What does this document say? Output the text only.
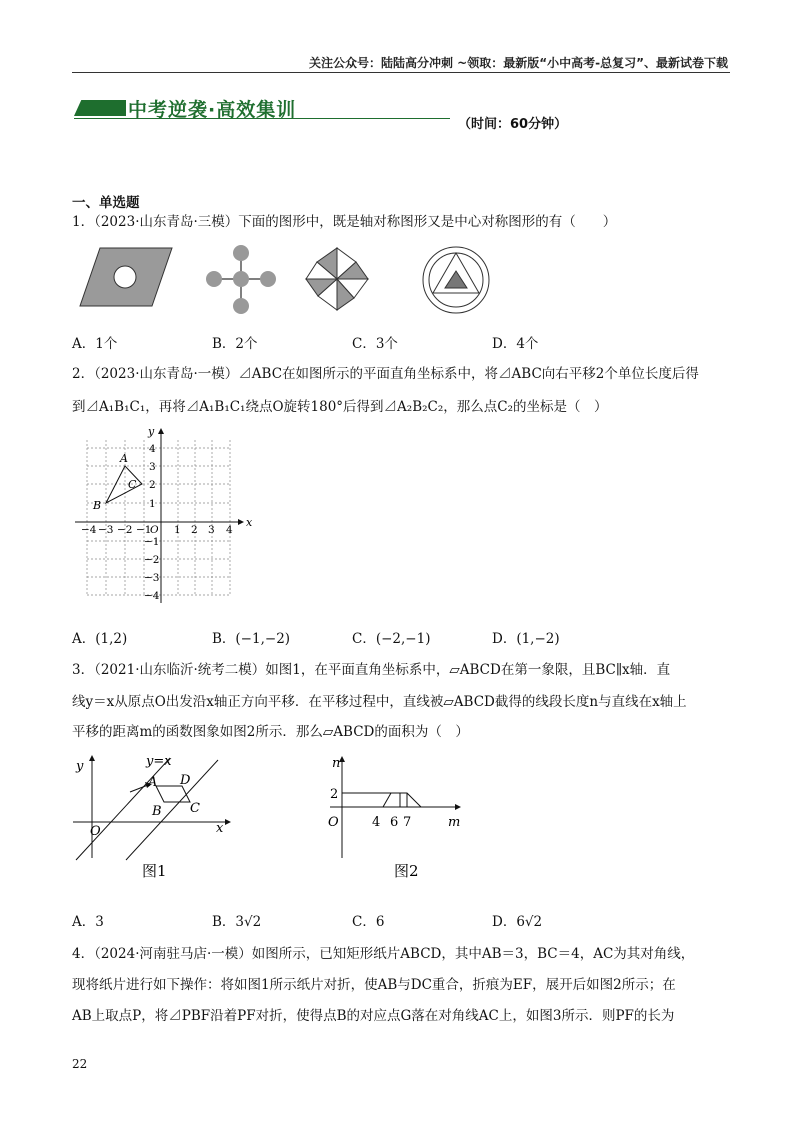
关注公众号：陆陆高分冲刺 ~领取：最新版“小中高考-总复习”、最新试卷下载
中考逆袭·高效集训
（时间：60分钟）
一、单选题
1．（2023·山东青岛·三模）下面的图形中，既是轴对称图形又是中心对称图形的有（　　）
A．1个	B．2个	C．3个	D．4个
2．（2023·山东青岛·一模）⊿ABC在如图所示的平面直角坐标系中，将⊿ABC向右平移2个单位长度后得
到⊿A₁B₁C₁，再将⊿A₁B₁C₁绕点O旋转180°后得到⊿A₂B₂C₂，那么点C₂的坐标是（　）
x
y
−4 −3 −2 −1
O 1 2 3 4
4
3
2
1
−1
−2
−3
−4
A
B
C
A．(1,2)	B．(−1,−2)	C．(−2,−1)	D．(1,−2)
3．（2021·山东临沂·统考二模）如图1，在平面直角坐标系中，▱ABCD在第一象限，且BC∥x轴．直
线y＝x从原点O出发沿x轴正方向平移．在平移过程中，直线被▱ABCD截得的线段长度n与直线在x轴上
平移的距离m的函数图象如图2所示．那么▱ABCD的面积为（　）
y
x
O
y=x
A D
B C
图1
n
2
O	4 6 7	m
图2
A．3	B．3√2	C．6	D．6√2
4．（2024·河南驻马店·一模）如图所示，已知矩形纸片ABCD，其中AB＝3，BC＝4，AC为其对角线，
现将纸片进行如下操作：将如图1所示纸片对折，使AB与DC重合，折痕为EF，展开后如图2所示；在
AB上取点P，将⊿PBF沿着PF对折，使得点B的对应点G落在对角线AC上，如图3所示．则PF的长为
22
